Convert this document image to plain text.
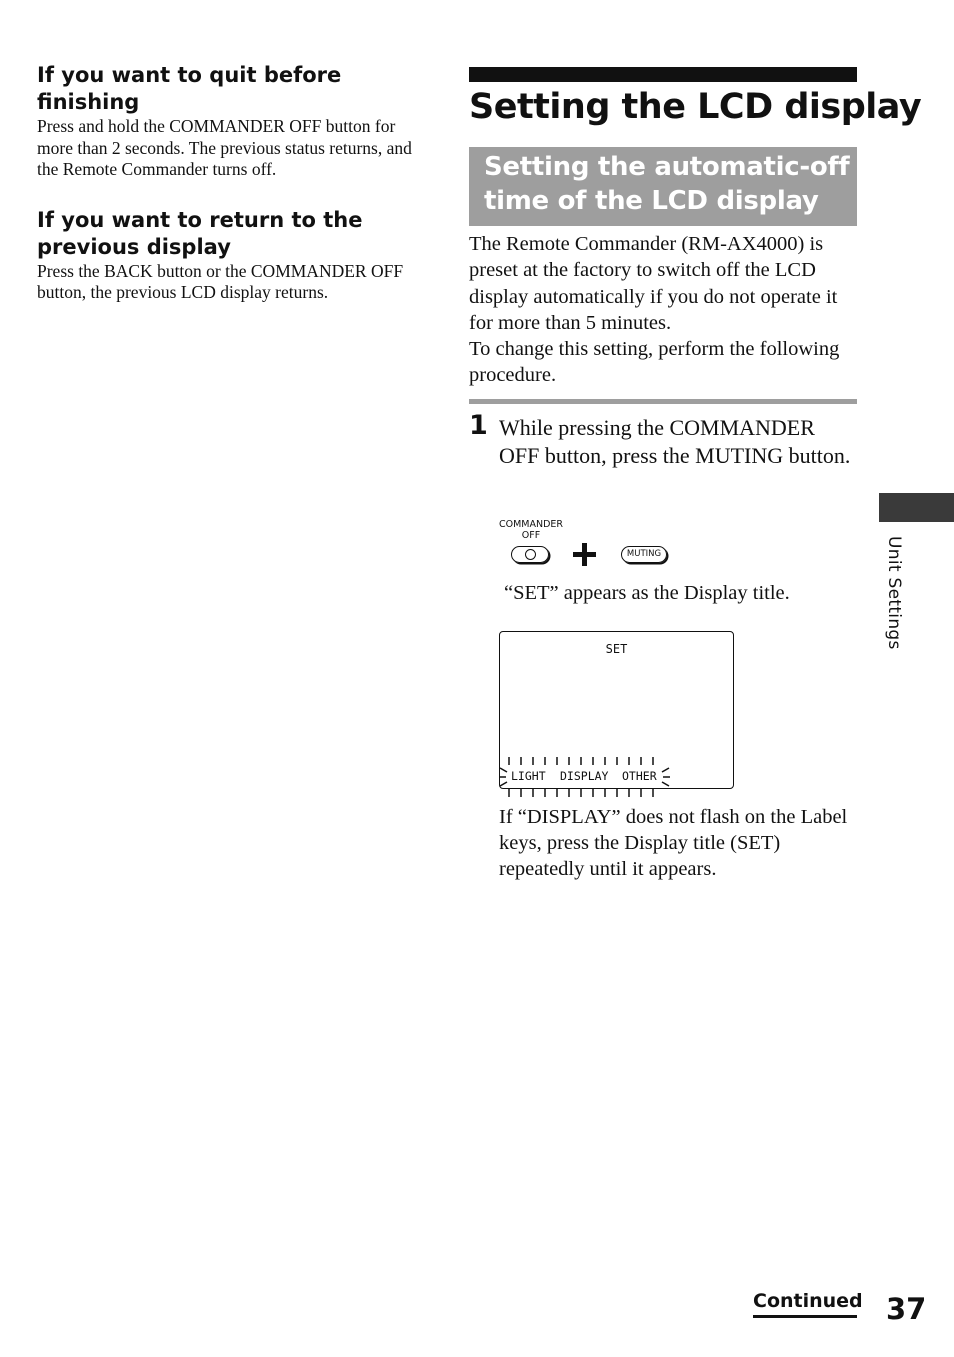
If you want to quit before finishing

Press and hold the COMMANDER OFF button for more than 2 seconds. The previous status returns, and the Remote Commander turns off.

If you want to return to the previous display

Press the BACK button or the COMMANDER OFF button, the previous LCD display returns.

Setting the LCD display
Setting the automatic-off time of the LCD display
The Remote Commander (RM-AX4000) is preset at the factory to switch off the LCD display automatically if you do not operate it for more than 5 minutes.
To change this setting, perform the following procedure.
1 While pressing the COMMANDER OFF button, press the MUTING button.

COMMANDER
OFF
MUTING

“SET” appears as the Display title.

SET
LIGHT DISPLAY OTHER
If “DISPLAY” does not flash on the Label keys, press the Display title (SET) repeatedly until it appears.
Unit Settings
Continued 37
